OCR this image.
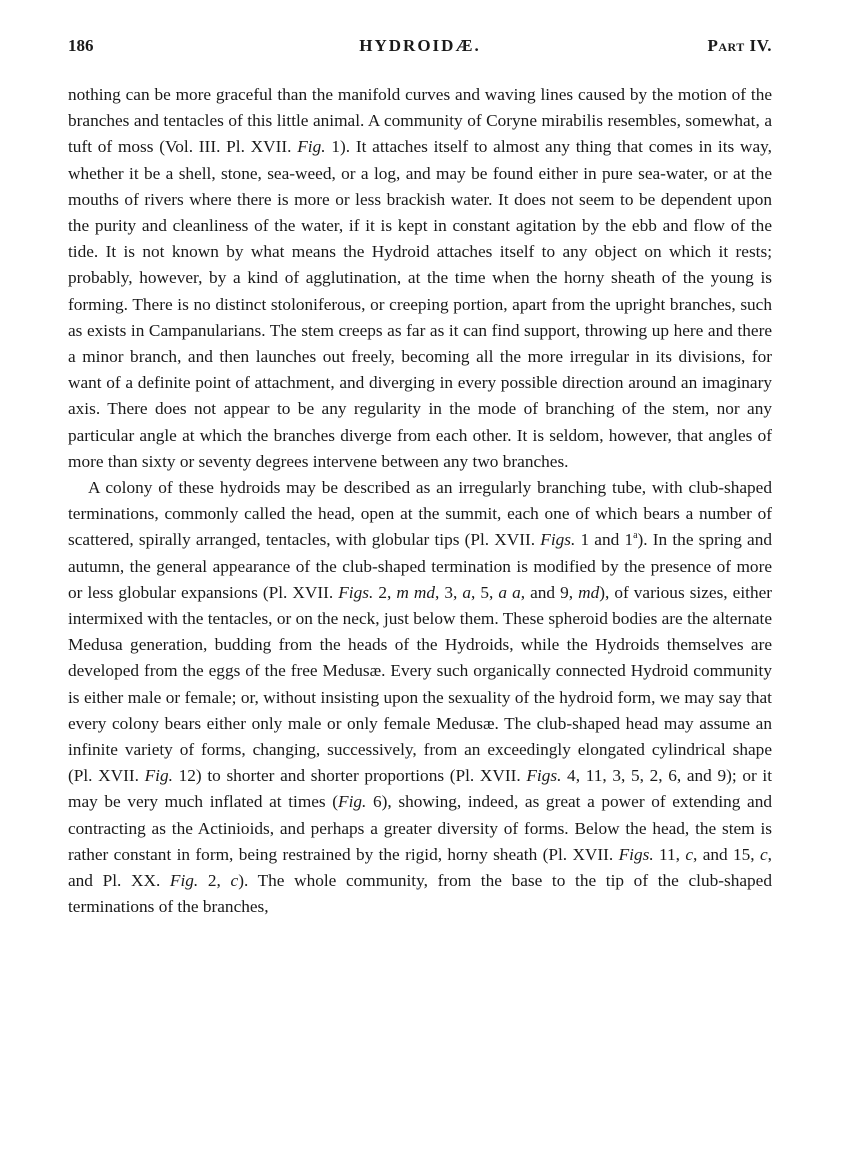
186	HYDROIDÆ.	Part IV.

nothing can be more graceful than the manifold curves and waving lines caused by the motion of the branches and tentacles of this little animal. A community of Coryne mirabilis resembles, somewhat, a tuft of moss (Vol. III. Pl. XVII. Fig. 1). It attaches itself to almost any thing that comes in its way, whether it be a shell, stone, sea-weed, or a log, and may be found either in pure sea-water, or at the mouths of rivers where there is more or less brackish water. It does not seem to be dependent upon the purity and cleanliness of the water, if it is kept in constant agitation by the ebb and flow of the tide. It is not known by what means the Hydroid attaches itself to any object on which it rests; probably, however, by a kind of agglutination, at the time when the horny sheath of the young is forming. There is no distinct stoloniferous, or creeping portion, apart from the upright branches, such as exists in Campanularians. The stem creeps as far as it can find support, throwing up here and there a minor branch, and then launches out freely, becoming all the more irregular in its divisions, for want of a definite point of attachment, and diverging in every possible direction around an imaginary axis. There does not appear to be any regularity in the mode of branching of the stem, nor any particular angle at which the branches diverge from each other. It is seldom, however, that angles of more than sixty or seventy degrees intervene between any two branches.

A colony of these hydroids may be described as an irregularly branching tube, with club-shaped terminations, commonly called the head, open at the summit, each one of which bears a number of scattered, spirally arranged, tentacles, with globular tips (Pl. XVII. Figs. 1 and 1$^a$). In the spring and autumn, the general appearance of the club-shaped termination is modified by the presence of more or less globular expansions (Pl. XVII. Figs. 2, m md, 3, a, 5, a a, and 9, md), of various sizes, either intermixed with the tentacles, or on the neck, just below them. These spheroid bodies are the alternate Medusa generation, budding from the heads of the Hydroids, while the Hydroids themselves are developed from the eggs of the free Medusæ. Every such organically connected Hydroid community is either male or female; or, without insisting upon the sexuality of the hydroid form, we may say that every colony bears either only male or only female Medusæ. The club-shaped head may assume an infinite variety of forms, changing, successively, from an exceedingly elongated cylindrical shape (Pl. XVII. Fig. 12) to shorter and shorter proportions (Pl. XVII. Figs. 4, 11, 3, 5, 2, 6, and 9); or it may be very much inflated at times (Fig. 6), showing, indeed, as great a power of extending and contracting as the Actinioids, and perhaps a greater diversity of forms. Below the head, the stem is rather constant in form, being restrained by the rigid, horny sheath (Pl. XVII. Figs. 11, c, and 15, c, and Pl. XX. Fig. 2, c). The whole community, from the base to the tip of the club-shaped terminations of the branches,
